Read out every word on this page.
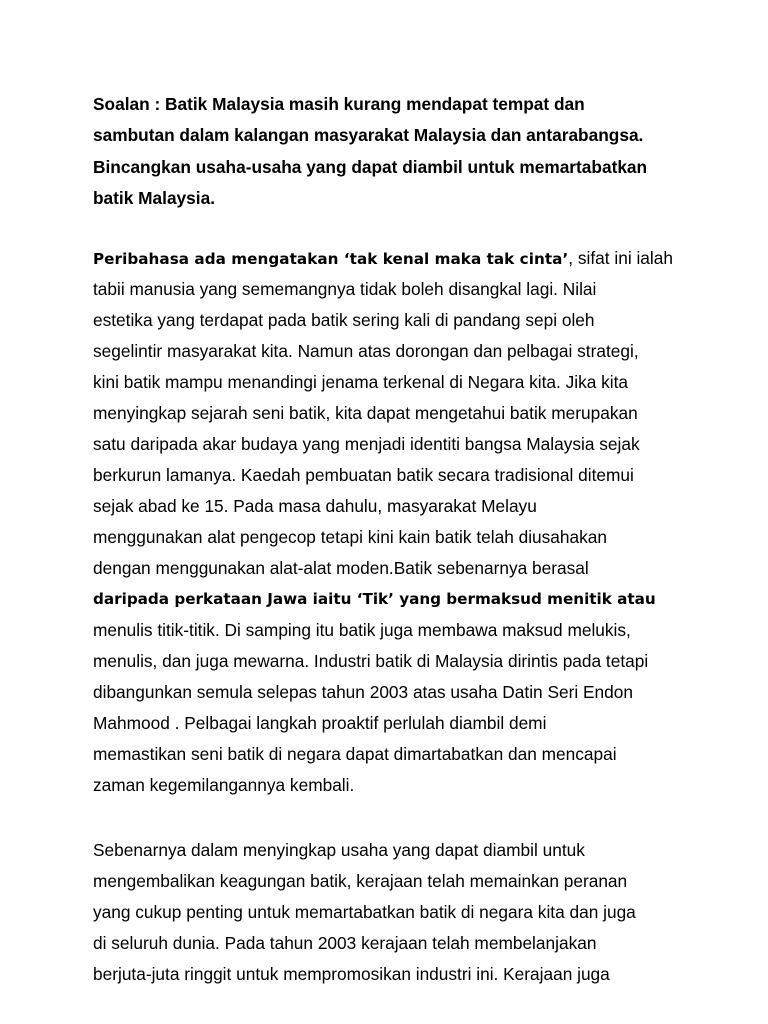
Soalan : Batik Malaysia masih kurang mendapat tempat dan
sambutan dalam kalangan masyarakat Malaysia dan antarabangsa.
Bincangkan usaha-usaha yang dapat diambil untuk memartabatkan
batik Malaysia.
Peribahasa ada mengatakan ‘tak kenal maka tak cinta’, sifat ini ialah
tabii manusia yang sememangnya tidak boleh disangkal lagi. Nilai
estetika yang terdapat pada batik sering kali di pandang sepi oleh
segelintir masyarakat kita. Namun atas dorongan dan pelbagai strategi,
kini batik mampu menandingi jenama terkenal di Negara kita. Jika kita
menyingkap sejarah seni batik, kita dapat mengetahui batik merupakan
satu daripada akar budaya yang menjadi identiti bangsa Malaysia sejak
berkurun lamanya. Kaedah pembuatan batik secara tradisional ditemui
sejak abad ke 15. Pada masa dahulu, masyarakat Melayu
menggunakan alat pengecop tetapi kini kain batik telah diusahakan
dengan menggunakan alat-alat moden.Batik sebenarnya berasal
daripada perkataan Jawa iaitu ‘Tik’ yang bermaksud menitik atau
menulis titik-titik. Di samping itu batik juga membawa maksud melukis,
menulis, dan juga mewarna. Industri batik di Malaysia dirintis pada tetapi
dibangunkan semula selepas tahun 2003 atas usaha Datin Seri Endon
Mahmood . Pelbagai langkah proaktif perlulah diambil demi
memastikan seni batik di negara dapat dimartabatkan dan mencapai
zaman kegemilangannya kembali.
Sebenarnya dalam menyingkap usaha yang dapat diambil untuk
mengembalikan keagungan batik, kerajaan telah memainkan peranan
yang cukup penting untuk memartabatkan batik di negara kita dan juga
di seluruh dunia. Pada tahun 2003 kerajaan telah membelanjakan
berjuta-juta ringgit untuk mempromosikan industri ini. Kerajaan juga
